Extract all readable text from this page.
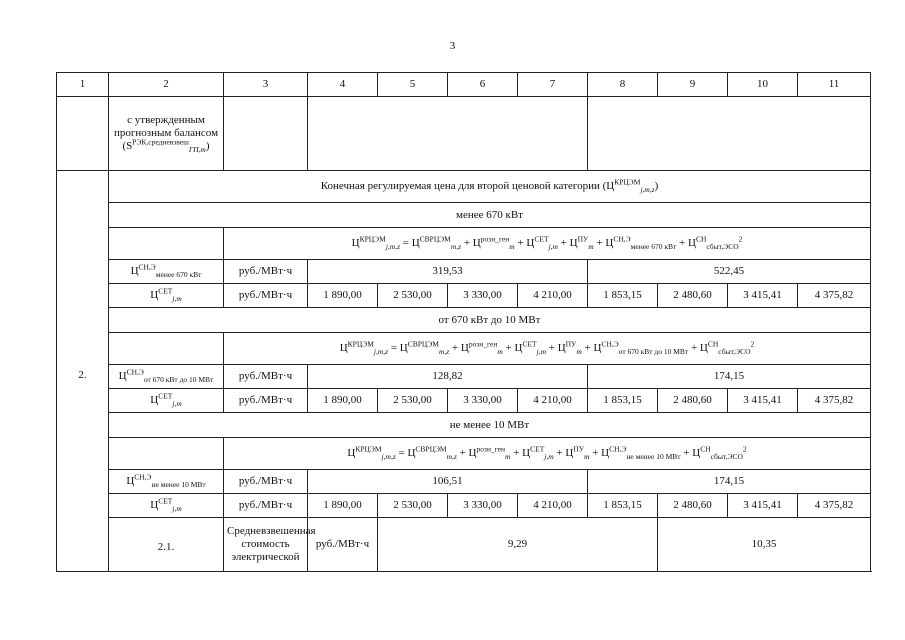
3
1	2	3	4	5	6	7	8	9	10	11
	с утвержденным прогнозным балансом
$(S^{РЭК,средневзвеш}_{ГП,m})$									
2.	Конечная регулируемая цена для второй ценовой категории $(Ц^{КРЦЭМ}_{j,m,z})$									
	менее 670 кВт									
		$Ц^{КРЦЭМ}_{j,m,z} = Ц^{СВРЦЭМ}_{m,z} + Ц^{розн\_ген}_m + Ц^{СЕТ}_{j,m} + Ц^{ПУ}_m + Ц^{СН,Э}_{менее 670 кВт} + Ц^{СН}_{сбыт,ЭСО}^2$
	$Ц^{СН,Э}_{менее 670 кВт}$	руб./МВт·ч	319,53				522,45			
	$Ц^{СЕТ}_{j,m}$	руб./МВт·ч	1 890,00	2 530,00	3 330,00	4 210,00	1 853,15	2 480,60	3 415,41	4 375,82
	от 670 кВт до 10 МВт									
		$Ц^{КРЦЭМ}_{j,m,z} = Ц^{СВРЦЭМ}_{m,z} + Ц^{розн\_ген}_m + Ц^{СЕТ}_{j,m} + Ц^{ПУ}_m + Ц^{СН,Э}_{от 670 кВт до 10 МВт} + Ц^{СН}_{сбыт,ЭСО}^2$
	$Ц^{СН,Э}_{от 670 кВт до 10 МВт}$	руб./МВт·ч	128,82				174,15			
	$Ц^{СЕТ}_{j,m}$	руб./МВт·ч	1 890,00	2 530,00	3 330,00	4 210,00	1 853,15	2 480,60	3 415,41	4 375,82
	не менее 10 МВт									
		$Ц^{КРЦЭМ}_{j,m,z} = Ц^{СВРЦЭМ}_{m,z} + Ц^{розн\_ген}_m + Ц^{СЕТ}_{j,m} + Ц^{ПУ}_m + Ц^{СН,Э}_{не менее 10 МВт} + Ц^{СН}_{сбыт,ЭСО}^2$
	$Ц^{СН,Э}_{не менее 10 МВт}$	руб./МВт·ч	106,51				174,15			
	$Ц^{СЕТ}_{j,m}$	руб./МВт·ч	1 890,00	2 530,00	3 330,00	4 210,00	1 853,15	2 480,60	3 415,41	4 375,82
	2.1.	Средневзвешенная стоимость электрической	руб./МВт·ч	9,29				10,35		
